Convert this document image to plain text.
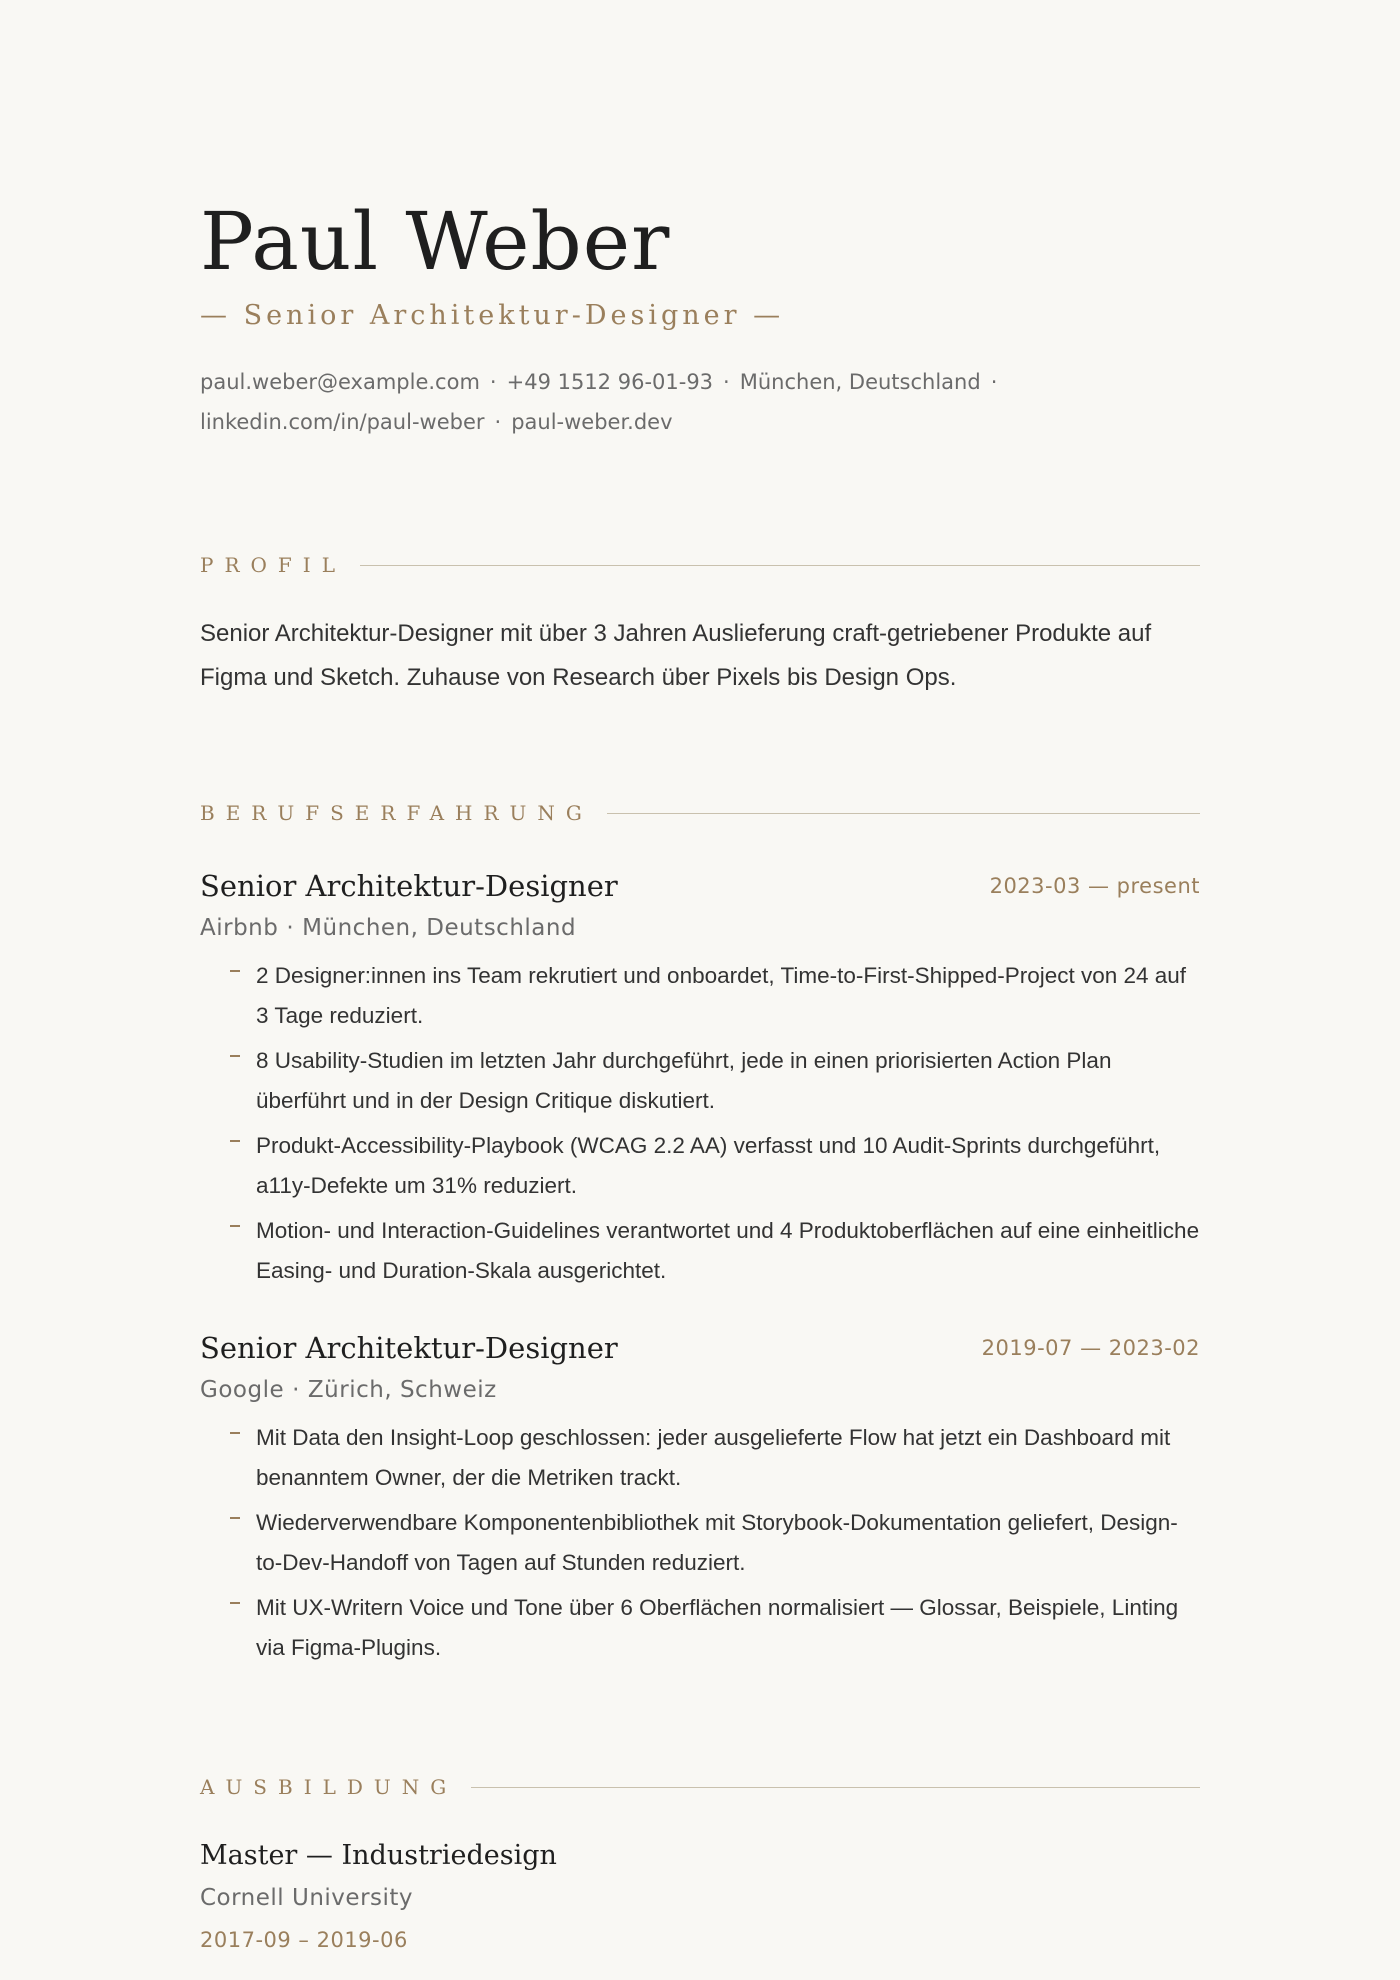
Paul Weber
— Senior Architektur-Designer —
paul.weber@example.com · +49 1512 96-01-93 · München, Deutschland ·
linkedin.com/in/paul-weber · paul-weber.dev
PROFIL
Senior Architektur-Designer mit über 3 Jahren Auslieferung craft-getriebener Produkte auf Figma und Sketch. Zuhause von Research über Pixels bis Design Ops.
BERUFSERFAHRUNG
Senior Architektur-Designer	2023-03 — present
Airbnb · München, Deutschland
2 Designer:innen ins Team rekrutiert und onboardet, Time-to-First-Shipped-Project von 24 auf 3 Tage reduziert.
8 Usability-Studien im letzten Jahr durchgeführt, jede in einen priorisierten Action Plan überführt und in der Design Critique diskutiert.
Produkt-Accessibility-Playbook (WCAG 2.2 AA) verfasst und 10 Audit-Sprints durchgeführt, a11y-Defekte um 31% reduziert.
Motion- und Interaction-Guidelines verantwortet und 4 Produktoberflächen auf eine einheitliche Easing- und Duration-Skala ausgerichtet.
Senior Architektur-Designer	2019-07 — 2023-02
Google · Zürich, Schweiz
Mit Data den Insight-Loop geschlossen: jeder ausgelieferte Flow hat jetzt ein Dashboard mit benanntem Owner, der die Metriken trackt.
Wiederverwendbare Komponentenbibliothek mit Storybook-Dokumentation geliefert, Design-to-Dev-Handoff von Tagen auf Stunden reduziert.
Mit UX-Writern Voice und Tone über 6 Oberflächen normalisiert — Glossar, Beispiele, Linting via Figma-Plugins.
AUSBILDUNG
Master — Industriedesign
Cornell University
2017-09 – 2019-06
